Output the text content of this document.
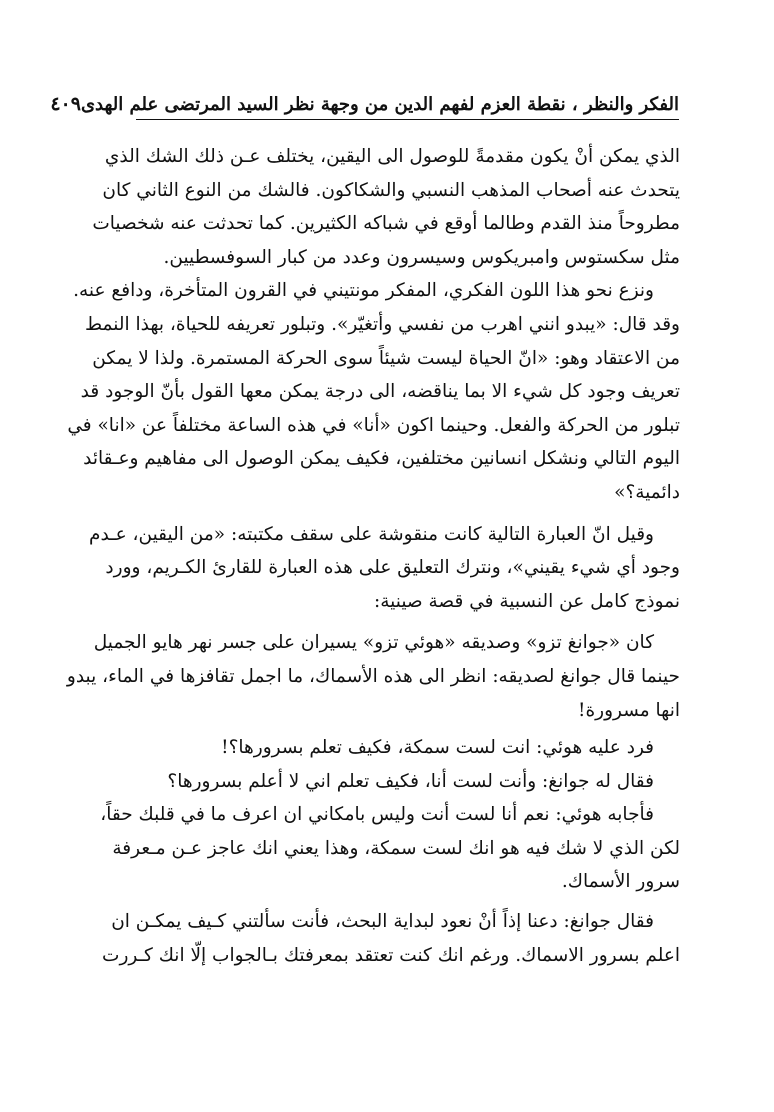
الفكر والنظر ، نقطة العزم لفهم الدين من وجهة نظر السيد المرتضى علم الهدى
٤٠٩
الذي يمكن أنْ يكون مقدمةً للوصول الى اليقين، يختلف عـن ذلك الشك الذي
يتحدث عنه أصحاب المذهب النسبي والشكاكون. فالشك من النوع الثاني كان
مطروحاً منذ القدم وطالما أوقع في شباكه الكثيرين. كما تحدثت عنه شخصيات
مثل سكستوس وامبريكوس وسيسرون وعدد من كبار السوفسطيين.
ونزع نحو هذا اللون الفكري، المفكر مونتيني في القرون المتأخرة، ودافع عنه.
وقد قال: «يبدو انني اهرب من نفسي وأتغيّر». وتبلور تعريفه للحياة، بهذا النمط
من الاعتقاد وهو: «انّ الحياة ليست شيئاً سوى الحركة المستمرة. ولذا لا يمكن
تعريف وجود كل شيء الا بما يناقضه، الى درجة يمكن معها القول بأنّ الوجود قد
تبلور من الحركة والفعل. وحينما اكون «أنا» في هذه الساعة مختلفاً عن «انا» في
اليوم التالي ونشكل انسانين مختلفين، فكيف يمكن الوصول الى مفاهيم وعـقائد
دائمية؟»
وقيل انّ العبارة التالية كانت منقوشة على سقف مكتبته: «من اليقين، عـدم
وجود أي شيء يقيني»، ونترك التعليق على هذه العبارة للقارئ الكـريم، وورد
نموذج كامل عن النسبية في قصة صينية:
كان «جوانغ تزو» وصديقه «هوئي تزو» يسيران على جسر نهر هايو الجميل
حينما قال جوانغ لصديقه: انظر الى هذه الأسماك، ما اجمل تقافزها في الماء، يبدو
انها مسرورة!
فرد عليه هوئي: انت لست سمكة، فكيف تعلم بسرورها؟!
فقال له جوانغ: وأنت لست أنا، فكيف تعلم اني لا أعلم بسرورها؟
فأجابه هوئي: نعم أنا لست أنت وليس بامكاني ان اعرف ما في قلبك حقاً،
لكن الذي لا شك فيه هو انك لست سمكة، وهذا يعني انك عاجز عـن مـعرفة
سرور الأسماك.
فقال جوانغ: دعنا إذاً أنْ نعود لبداية البحث، فأنت سألتني كـيف يمكـن ان
اعلم بسرور الاسماك. ورغم انك كنت تعتقد بمعرفتك بـالجواب إلّا انك كـررت
